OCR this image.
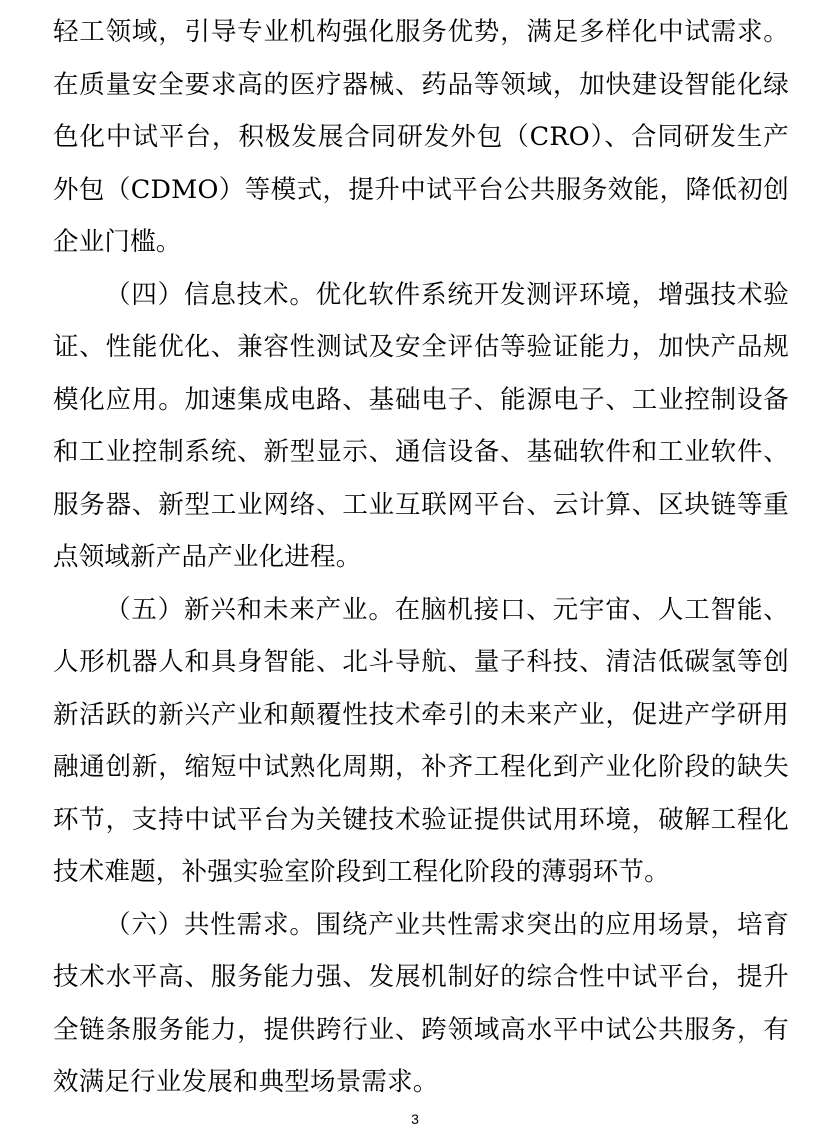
轻工领域，引导专业机构强化服务优势，满足多样化中试需求。
在质量安全要求高的医疗器械、药品等领域，加快建设智能化绿
色化中试平台，积极发展合同研发外包（CRO）、合同研发生产
外包（CDMO）等模式，提升中试平台公共服务效能，降低初创
企业门槛。
（四）信息技术。优化软件系统开发测评环境，增强技术验
证、性能优化、兼容性测试及安全评估等验证能力，加快产品规
模化应用。加速集成电路、基础电子、能源电子、工业控制设备
和工业控制系统、新型显示、通信设备、基础软件和工业软件、
服务器、新型工业网络、工业互联网平台、云计算、区块链等重
点领域新产品产业化进程。
（五）新兴和未来产业。在脑机接口、元宇宙、人工智能、
人形机器人和具身智能、北斗导航、量子科技、清洁低碳氢等创
新活跃的新兴产业和颠覆性技术牵引的未来产业，促进产学研用
融通创新，缩短中试熟化周期，补齐工程化到产业化阶段的缺失
环节，支持中试平台为关键技术验证提供试用环境，破解工程化
技术难题，补强实验室阶段到工程化阶段的薄弱环节。
（六）共性需求。围绕产业共性需求突出的应用场景，培育
技术水平高、服务能力强、发展机制好的综合性中试平台，提升
全链条服务能力，提供跨行业、跨领域高水平中试公共服务，有
效满足行业发展和典型场景需求。
3
